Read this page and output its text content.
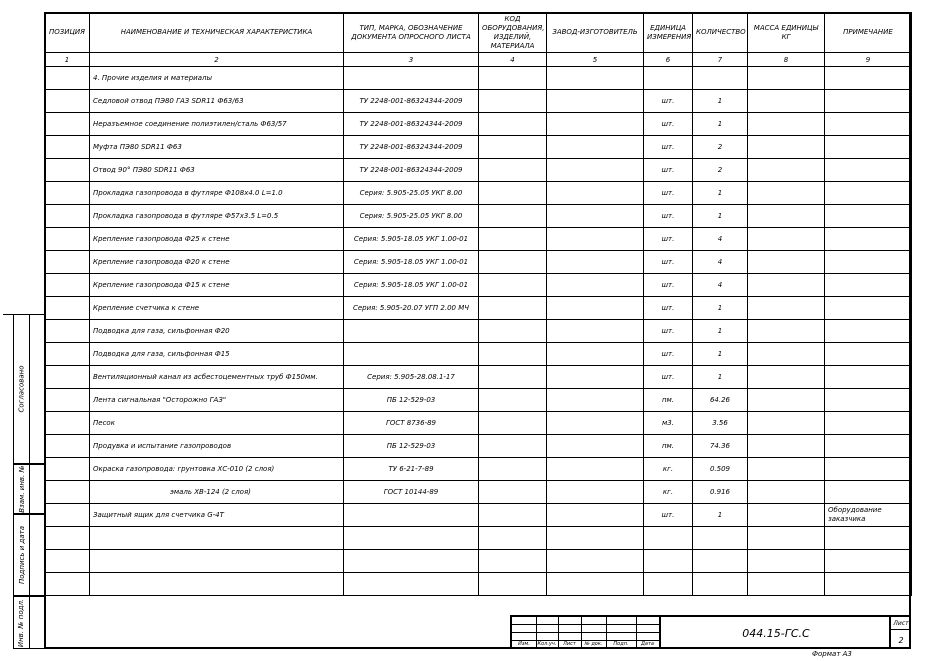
ПОЗИЦИЯ	НАИМЕНОВАНИЕ И ТЕХНИЧЕСКАЯ ХАРАКТЕРИСТИКА	ТИП, МАРКА, ОБОЗНАЧЕНИЕ ДОКУМЕНТА ОПРОСНОГО ЛИСТА	КОД ОБОРУДОВАНИЯ, ИЗДЕЛИЙ, МАТЕРИАЛА	ЗАВОД-ИЗГОТОВИТЕЛЬ	ЕДИНИЦА ИЗМЕРЕНИЯ	КОЛИЧЕСТВО	МАССА ЕДИНИЦЫ КГ	ПРИМЕЧАНИЕ
1	2	3	4	5	6	7	8	9
	4. Прочие изделия и материалы							
	Седловой отвод ПЭ80 ГАЗ SDR11 Ф63/63	ТУ 2248-001-86324344-2009			шт.	1		
	Неразъемное соединение полиэтилен/сталь Ф63/57	ТУ 2248-001-86324344-2009			шт.	1		
	Муфта ПЭ80 SDR11 Ф63	ТУ 2248-001-86324344-2009			шт.	2		
	Отвод 90° ПЭ80 SDR11 Ф63	ТУ 2248-001-86324344-2009			шт.	2		
	Прокладка газопровода в футляре Ф108х4.0 L=1.0	Серия: 5.905-25.05 УКГ 8.00			шт.	1		
	Прокладка газопровода в футляре Ф57х3.5 L=0.5	Серия: 5.905-25.05 УКГ 8.00			шт.	1		
	Крепление газопровода Ф25 к стене	Серия: 5.905-18.05 УКГ 1.00-01			шт.	4		
	Крепление газопровода Ф20 к стене	Серия: 5.905-18.05 УКГ 1.00-01			шт.	4		
	Крепление газопровода Ф15 к стене	Серия: 5.905-18.05 УКГ 1.00-01			шт.	4		
	Крепление счетчика к стене	Серия: 5.905-20.07 УГП 2.00 МЧ			шт.	1		
	Подводка для газа, сильфонная Ф20				шт.	1		
	Подводка для газа, сильфонная Ф15				шт.	1		
	Вентиляционный канал из асбестоцементных труб Ф150мм.	Серия: 5.905-28.08.1-17			шт.	1		
	Лента сигнальная "Осторожно ГАЗ"	ПБ 12-529-03			пм.	64.26		
	Песок	ГОСТ 8736-89			м3.	3.56		
	Продувка и испытание газопроводов	ПБ 12-529-03			пм.	74.36		
	Окраска газопровода: грунтовка ХС-010 (2 слоя)	ТУ 6-21-7-89			кг.	0.509		
	эмаль ХВ-124 (2 слоя)	ГОСТ 10144-89			кг.	0.916		
	Защитный ящик для счетчика G-4Т				шт.	1		Оборудование заказчика

Согласовано
Взам. инв. №
Подпись и дата
Инв. № подл.	Изм.	Кол.уч.	Лист	№ док.	Подп.	Дата
044.15-ГС.С
Лист
2
Формат А3
